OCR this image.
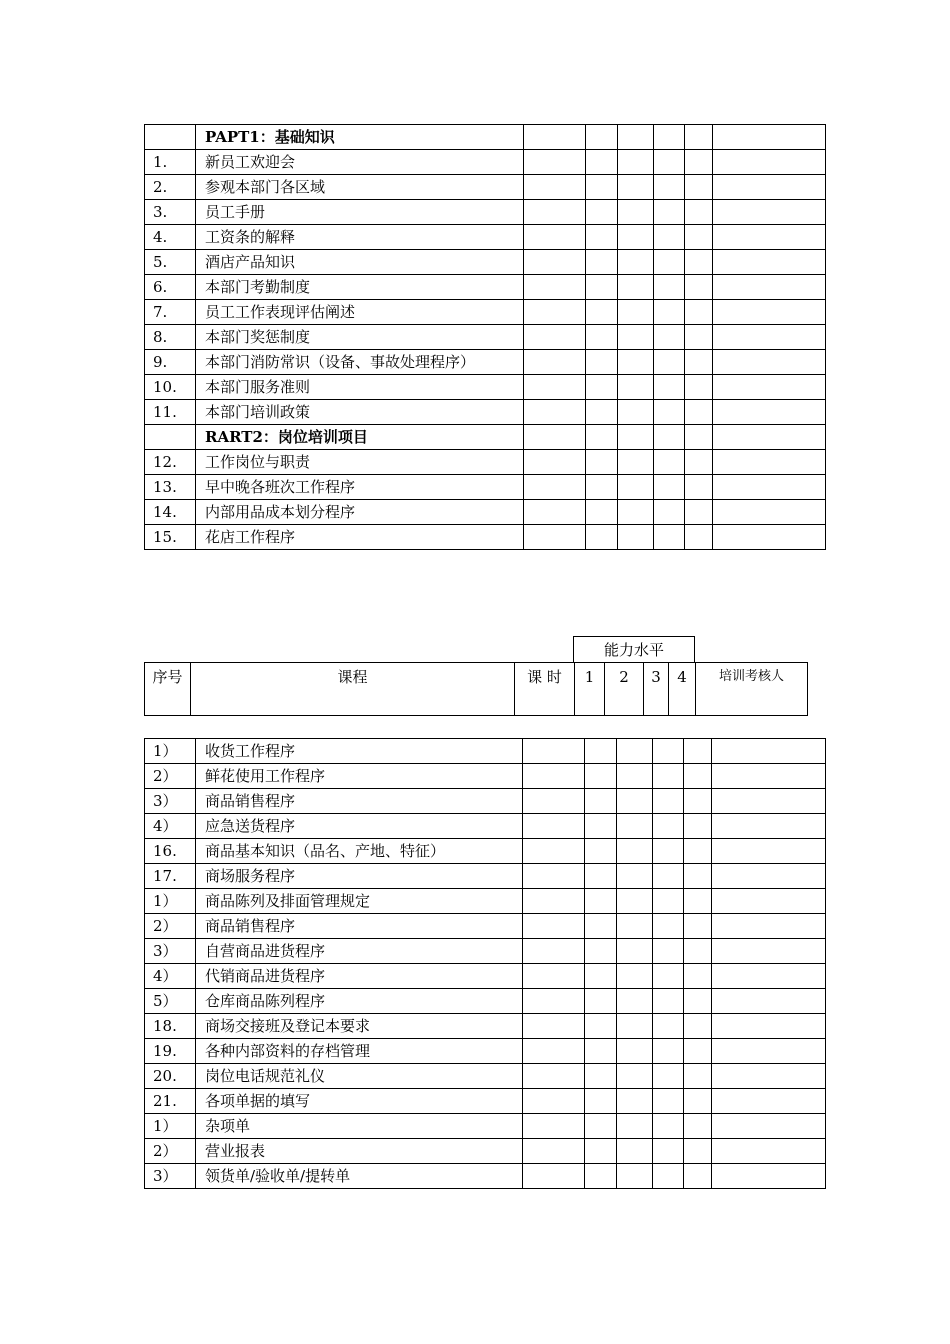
	PAPT1：基础知识						
1.	新员工欢迎会						
2.	参观本部门各区域						
3.	员工手册						
4.	工资条的解释						
5.	酒店产品知识						
6.	本部门考勤制度						
7.	员工工作表现评估阐述						
8.	本部门奖惩制度						
9.	本部门消防常识（设备、事故处理程序）						
10.	本部门服务准则						
11.	本部门培训政策						
	RART2：岗位培训项目						
12.	工作岗位与职责						
13.	早中晚各班次工作程序						
14.	内部用品成本划分程序						
15.	花店工作程序						
能力水平
序号	课程	课 时	1	2	3	4	培训考核人
1）	收货工作程序						
2）	鲜花使用工作程序						
3）	商品销售程序						
4）	应急送货程序						
16.	商品基本知识（品名、产地、特征）						
17.	商场服务程序						
1）	商品陈列及排面管理规定						
2）	商品销售程序						
3）	自营商品进货程序						
4）	代销商品进货程序						
5）	仓库商品陈列程序						
18.	商场交接班及登记本要求						
19.	各种内部资料的存档管理						
20.	岗位电话规范礼仪						
21.	各项单据的填写						
1）	杂项单						
2）	营业报表						
3）	领货单/验收单/提转单						
